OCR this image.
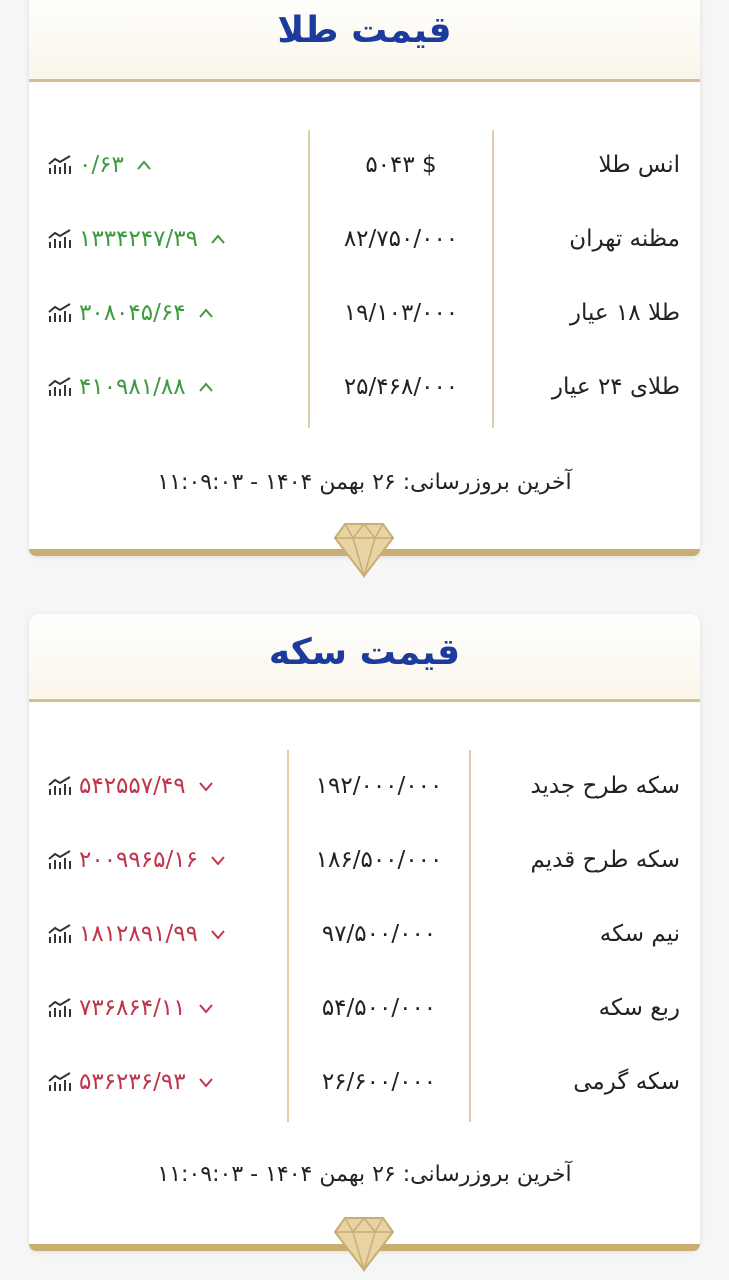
قیمت طلا
انس طلا
$ ۵۰۴۳
۰/۶۳
مظنه تهران
۸۲/۷۵۰/۰۰۰
۱۳۳۴۲۴۷/۳۹
طلا ۱۸ عیار
۱۹/۱۰۳/۰۰۰
۳۰۸۰۴۵/۶۴
طلای ۲۴ عیار
۲۵/۴۶۸/۰۰۰
۴۱۰۹۸۱/۸۸
آخرین بروزرسانی: ۲۶ بهمن ۱۴۰۴ - ۱۱:۰۹:۰۳
قیمت سکه
سکه طرح جدید
۱۹۲/۰۰۰/۰۰۰
۵۴۲۵۵۷/۴۹
سکه طرح قدیم
۱۸۶/۵۰۰/۰۰۰
۲۰۰۹۹۶۵/۱۶
نیم سکه
۹۷/۵۰۰/۰۰۰
۱۸۱۲۸۹۱/۹۹
ربع سکه
۵۴/۵۰۰/۰۰۰
۷۳۶۸۶۴/۱۱
سکه گرمی
۲۶/۶۰۰/۰۰۰
۵۳۶۲۳۶/۹۳
آخرین بروزرسانی: ۲۶ بهمن ۱۴۰۴ - ۱۱:۰۹:۰۳
